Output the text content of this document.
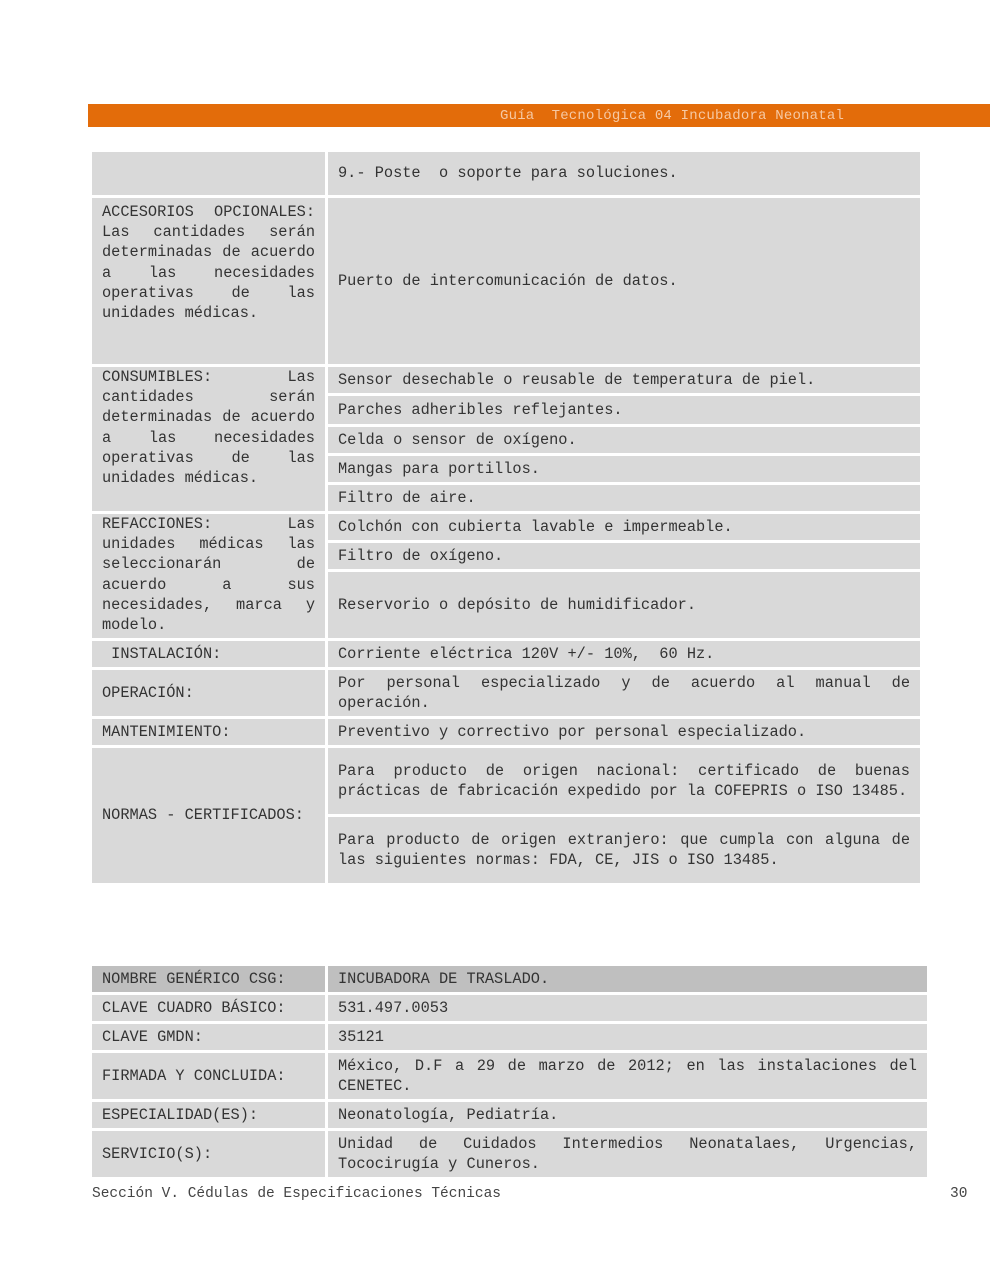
Guía  Tecnológica 04 Incubadora Neonatal
	9.- Poste  o soporte para soluciones.
ACCESORIOS OPCIONALES: Las cantidades serán determinadas de acuerdo a las necesidades operativas de las unidades médicas.	Puerto de intercomunicación de datos.
CONSUMIBLES: Las cantidades serán determinadas de acuerdo a las necesidades operativas de las unidades médicas.	Sensor desechable o reusable de temperatura de piel.
	Parches adheribles reflejantes.
	Celda o sensor de oxígeno.
	Mangas para portillos.
	Filtro de aire.
REFACCIONES: Las unidades médicas las seleccionarán de acuerdo a sus necesidades, marca y modelo.	Colchón con cubierta lavable e impermeable.
	Filtro de oxígeno.
	Reservorio o depósito de humidificador.
INSTALACIÓN:	Corriente eléctrica 120V +/- 10%,  60 Hz.
OPERACIÓN:	Por personal especializado y de acuerdo al manual de operación.
MANTENIMIENTO:	Preventivo y correctivo por personal especializado.
NORMAS - CERTIFICADOS:	Para producto de origen nacional: certificado de buenas prácticas de fabricación expedido por la COFEPRIS o ISO 13485.
	Para producto de origen extranjero: que cumpla con alguna de las siguientes normas: FDA, CE, JIS o ISO 13485.
NOMBRE GENÉRICO CSG:	INCUBADORA DE TRASLADO.
CLAVE CUADRO BÁSICO:	531.497.0053
CLAVE GMDN:	35121
FIRMADA Y CONCLUIDA:	México, D.F a 29 de marzo de 2012; en las instalaciones del CENETEC.
ESPECIALIDAD(ES):	Neonatología, Pediatría.
SERVICIO(S):	Unidad de Cuidados Intermedios Neonatalaes, Urgencias, Tococirugía y Cuneros.
Sección V. Cédulas de Especificaciones Técnicas	30
